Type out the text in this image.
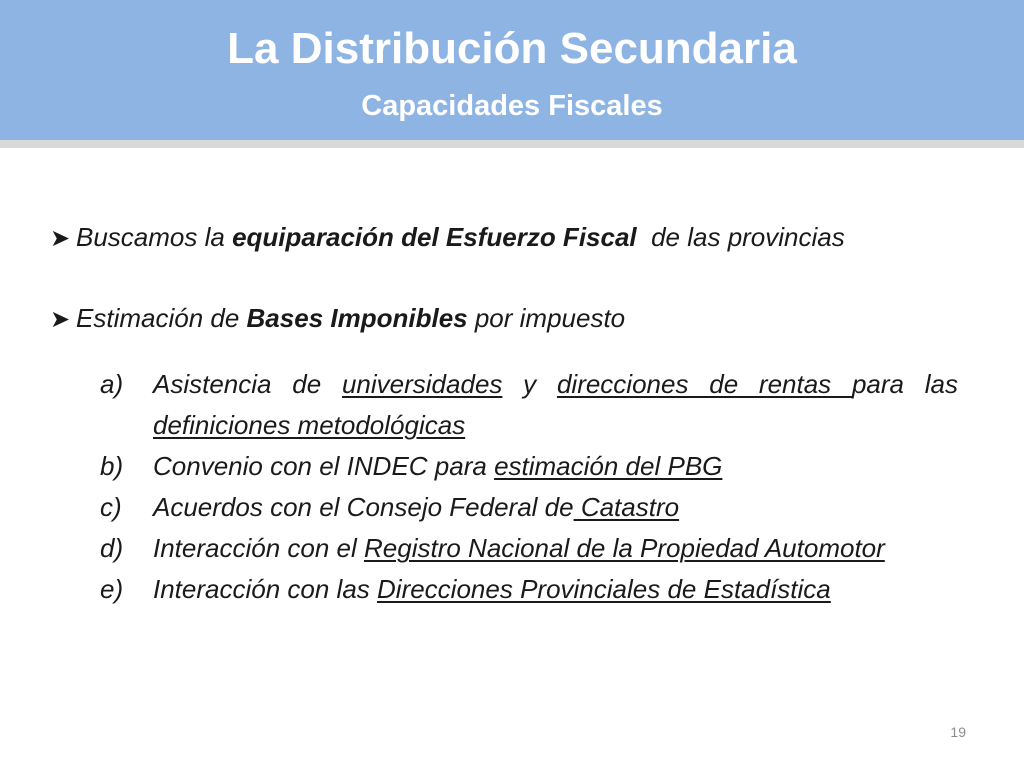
La Distribución Secundaria
Capacidades Fiscales
➤ Buscamos la equiparación del Esfuerzo Fiscal  de las provincias
➤ Estimación de Bases Imponibles por impuesto
a)	Asistencia de universidades y direcciones de rentas para las definiciones metodológicas
b)	Convenio con el INDEC para estimación del PBG
c)	Acuerdos con el Consejo Federal de Catastro
d)	Interacción con el Registro Nacional de la Propiedad Automotor
e)	Interacción con las Direcciones Provinciales de Estadística
19
